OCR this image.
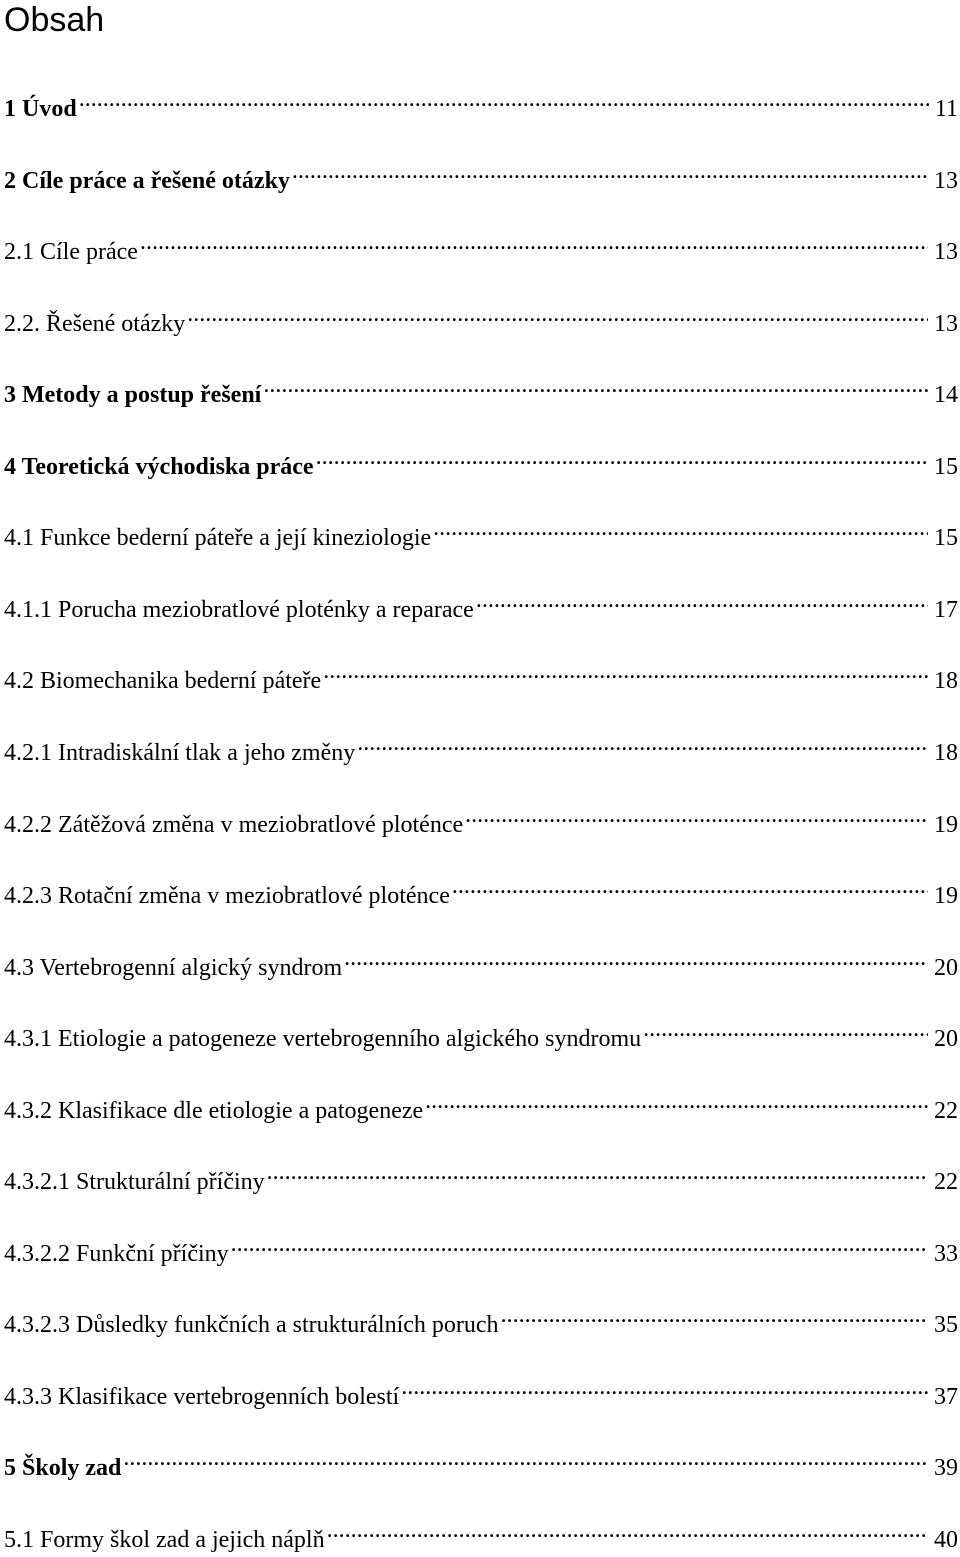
Obsah
1 Úvod .....	11
2 Cíle práce a řešené otázky .....	13
2.1 Cíle práce .....	13
2.2. Řešené otázky .....	13
3 Metody a postup řešení .....	14
4 Teoretická východiska práce .....	15
4.1 Funkce bederní páteře a její kineziologie .....	15
4.1.1 Porucha meziobratlové ploténky a reparace .....	17
4.2 Biomechanika bederní páteře .....	18
4.2.1 Intradiskální tlak a jeho změny .....	18
4.2.2 Zátěžová změna v meziobratlové ploténce .....	19
4.2.3 Rotační změna v meziobratlové ploténce .....	19
4.3 Vertebrogenní algický syndrom .....	20
4.3.1 Etiologie a patogeneze vertebrogenního algického syndromu .....	20
4.3.2 Klasifikace dle etiologie a patogeneze .....	22
4.3.2.1 Strukturální příčiny .....	22
4.3.2.2 Funkční příčiny .....	33
4.3.2.3 Důsledky funkčních a strukturálních poruch .....	35
4.3.3 Klasifikace vertebrogenních bolestí .....	37
5 Školy zad .....	39
5.1 Formy škol zad a jejich náplň .....	40
